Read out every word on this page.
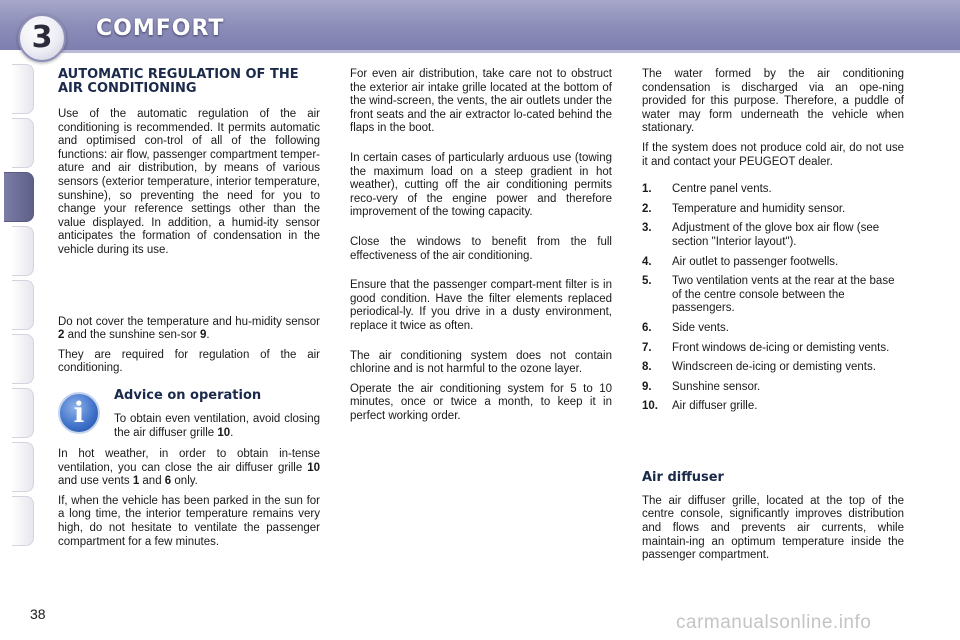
3	COMFORT
AUTOMATIC REGULATION OF THE AIR CONDITIONING

Use of the automatic regulation of the air conditioning is recommended. It permits automatic and optimised con-trol of all of the following functions: air flow, passenger compartment temper-ature and air distribution, by means of various sensors (exterior temperature, interior temperature, sunshine), so preventing the need for you to change your reference settings other than the value displayed. In addition, a humid-ity sensor anticipates the formation of condensation in the vehicle during its use.

Do not cover the temperature and hu-midity sensor 2 and the sunshine sen-sor 9.

They are required for regulation of the air conditioning.

i
Advice on operation

To obtain even ventilation, avoid closing the air diffuser grille 10.

In hot weather, in order to obtain in-tense ventilation, you can close the air diffuser grille 10 and use vents 1 and 6 only.

If, when the vehicle has been parked in the sun for a long time, the interior temperature remains very high, do not hesitate to ventilate the passenger compartment for a few minutes.

For even air distribution, take care not to obstruct the exterior air intake grille located at the bottom of the wind-screen, the vents, the air outlets under the front seats and the air extractor lo-cated behind the flaps in the boot.

In certain cases of particularly arduous use (towing the maximum load on a steep gradient in hot weather), cutting off the air conditioning permits reco-very of the engine power and therefore improvement of the towing capacity.

Close the windows to benefit from the full effectiveness of the air conditioning.

Ensure that the passenger compart-ment filter is in good condition. Have the filter elements replaced periodical-ly. If you drive in a dusty environment, replace it twice as often.

The air conditioning system does not contain chlorine and is not harmful to the ozone layer.

Operate the air conditioning system for 5 to 10 minutes, once or twice a month, to keep it in perfect working order.

The water formed by the air conditioning condensation is discharged via an ope-ning provided for this purpose. Therefore, a puddle of water may form underneath the vehicle when stationary.

If the system does not produce cold air, do not use it and contact your PEUGEOT dealer.

1. Centre panel vents.
2. Temperature and humidity sensor.
3. Adjustment of the glove box air flow (see section "Interior layout").
4. Air outlet to passenger footwells.
5. Two ventilation vents at the rear at the base of the centre console between the passengers.
6. Side vents.
7. Front windows de-icing or demisting vents.
8. Windscreen de-icing or demisting vents.
9. Sunshine sensor.
10. Air diffuser grille.
Air diffuser

The air diffuser grille, located at the top of the centre console, significantly improves distribution and flows and prevents air currents, while maintain-ing an optimum temperature inside the passenger compartment.

38	carmanualsonline.info
